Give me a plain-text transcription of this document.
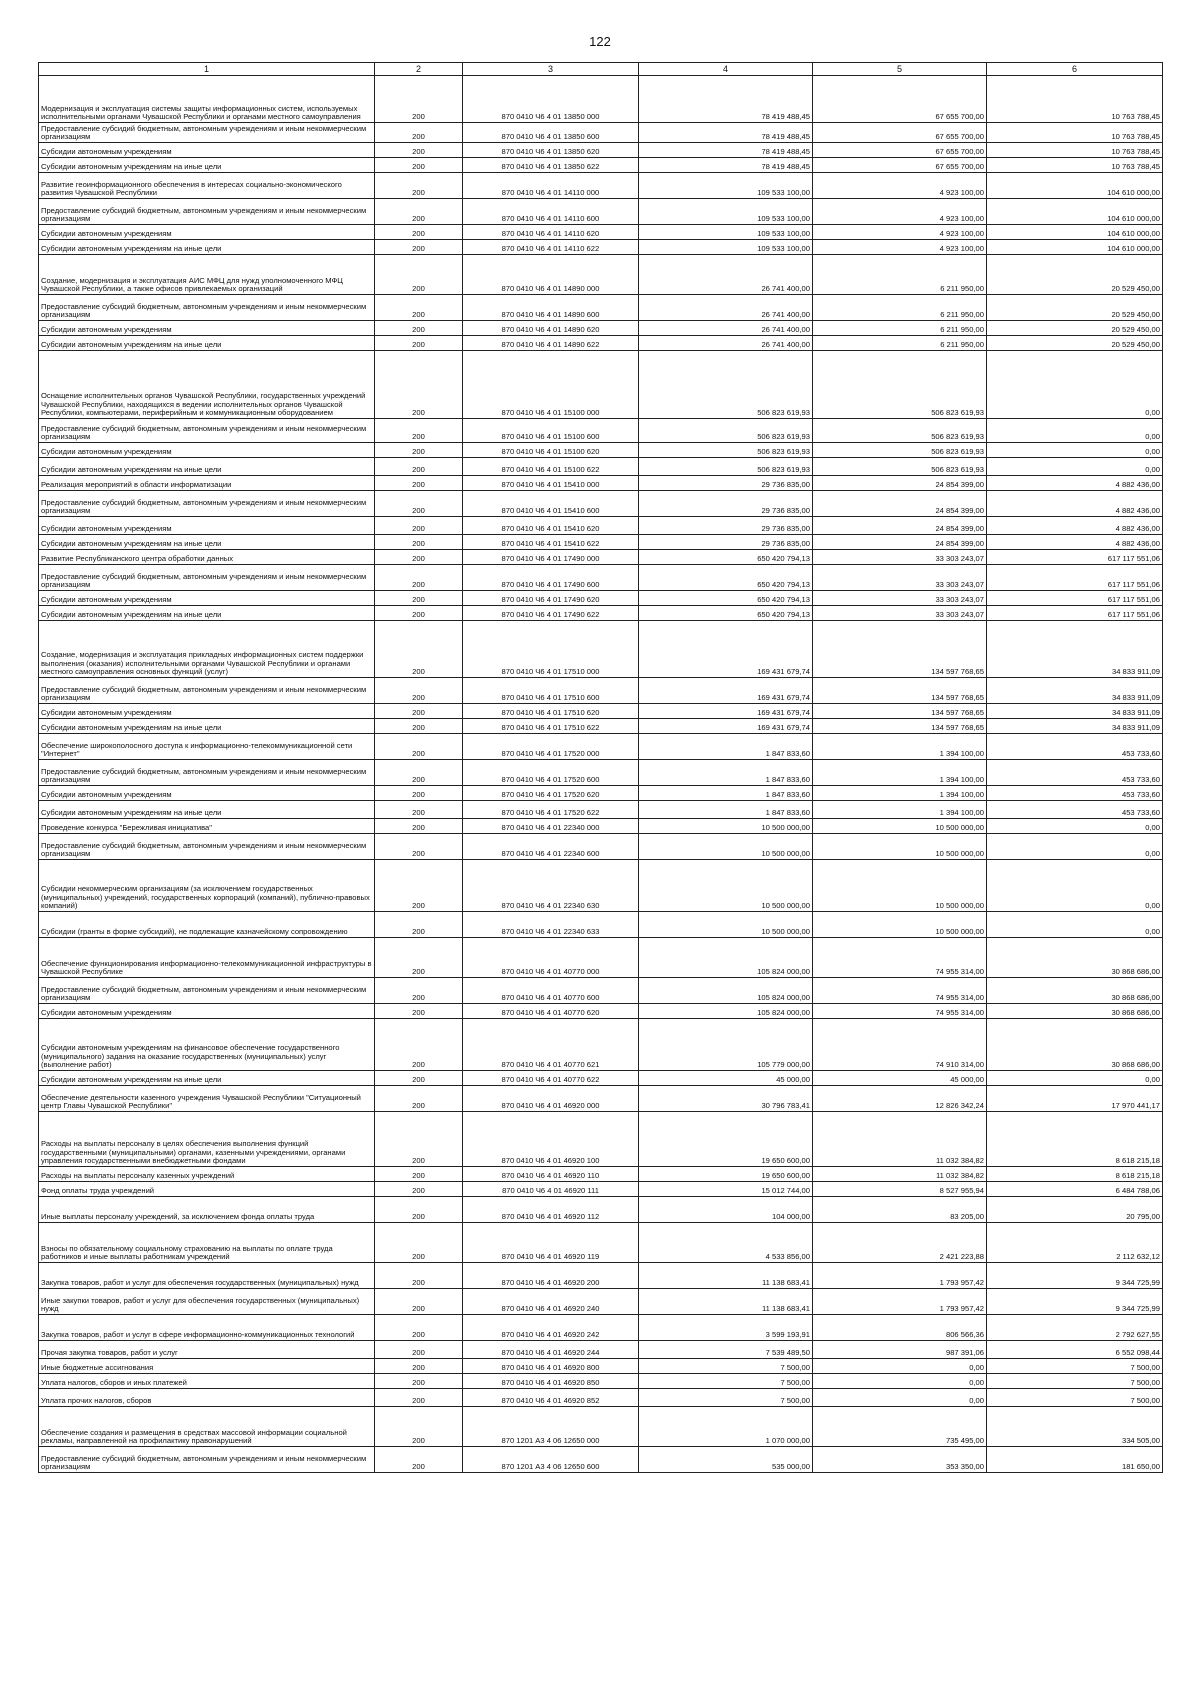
122
1	2	3	4	5	6
Модернизация и эксплуатация системы защиты информационных систем, используемых исполнительными органами Чувашской Республики и органами местного самоуправления	200	870 0410 Ч6 4 01 13850 000	78 419 488,45	67 655 700,00	10 763 788,45
Предоставление субсидий бюджетным, автономным учреждениям и иным некоммерческим организациям	200	870 0410 Ч6 4 01 13850 600	78 419 488,45	67 655 700,00	10 763 788,45
Субсидии автономным учреждениям	200	870 0410 Ч6 4 01 13850 620	78 419 488,45	67 655 700,00	10 763 788,45
Субсидии автономным учреждениям на иные цели	200	870 0410 Ч6 4 01 13850 622	78 419 488,45	67 655 700,00	10 763 788,45
Развитие геоинформационного обеспечения в интересах социально-экономического развития Чувашской Республики	200	870 0410 Ч6 4 01 14110 000	109 533 100,00	4 923 100,00	104 610 000,00
Предоставление субсидий бюджетным, автономным учреждениям и иным некоммерческим организациям	200	870 0410 Ч6 4 01 14110 600	109 533 100,00	4 923 100,00	104 610 000,00
Субсидии автономным учреждениям	200	870 0410 Ч6 4 01 14110 620	109 533 100,00	4 923 100,00	104 610 000,00
Субсидии автономным учреждениям на иные цели	200	870 0410 Ч6 4 01 14110 622	109 533 100,00	4 923 100,00	104 610 000,00
Создание, модернизация и эксплуатация АИС МФЦ для нужд уполномоченного МФЦ Чувашской Республики, а также офисов привлекаемых организаций	200	870 0410 Ч6 4 01 14890 000	26 741 400,00	6 211 950,00	20 529 450,00
Предоставление субсидий бюджетным, автономным учреждениям и иным некоммерческим организациям	200	870 0410 Ч6 4 01 14890 600	26 741 400,00	6 211 950,00	20 529 450,00
Субсидии автономным учреждениям	200	870 0410 Ч6 4 01 14890 620	26 741 400,00	6 211 950,00	20 529 450,00
Субсидии автономным учреждениям на иные цели	200	870 0410 Ч6 4 01 14890 622	26 741 400,00	6 211 950,00	20 529 450,00
Оснащение исполнительных органов Чувашской Республики, государственных учреждений Чувашской Республики, находящихся в ведении исполнительных органов Чувашской Республики, компьютерами, периферийным и коммуникационным оборудованием	200	870 0410 Ч6 4 01 15100 000	506 823 619,93	506 823 619,93	0,00
Предоставление субсидий бюджетным, автономным учреждениям и иным некоммерческим организациям	200	870 0410 Ч6 4 01 15100 600	506 823 619,93	506 823 619,93	0,00
Субсидии автономным учреждениям	200	870 0410 Ч6 4 01 15100 620	506 823 619,93	506 823 619,93	0,00
Субсидии автономным учреждениям на иные цели	200	870 0410 Ч6 4 01 15100 622	506 823 619,93	506 823 619,93	0,00
Реализация мероприятий в области информатизации	200	870 0410 Ч6 4 01 15410 000	29 736 835,00	24 854 399,00	4 882 436,00
Предоставление субсидий бюджетным, автономным учреждениям и иным некоммерческим организациям	200	870 0410 Ч6 4 01 15410 600	29 736 835,00	24 854 399,00	4 882 436,00
Субсидии автономным учреждениям	200	870 0410 Ч6 4 01 15410 620	29 736 835,00	24 854 399,00	4 882 436,00
Субсидии автономным учреждениям на иные цели	200	870 0410 Ч6 4 01 15410 622	29 736 835,00	24 854 399,00	4 882 436,00
Развитие Республиканского центра обработки данных	200	870 0410 Ч6 4 01 17490 000	650 420 794,13	33 303 243,07	617 117 551,06
Предоставление субсидий бюджетным, автономным учреждениям и иным некоммерческим организациям	200	870 0410 Ч6 4 01 17490 600	650 420 794,13	33 303 243,07	617 117 551,06
Субсидии автономным учреждениям	200	870 0410 Ч6 4 01 17490 620	650 420 794,13	33 303 243,07	617 117 551,06
Субсидии автономным учреждениям на иные цели	200	870 0410 Ч6 4 01 17490 622	650 420 794,13	33 303 243,07	617 117 551,06
Создание, модернизация и эксплуатация прикладных информационных систем поддержки выполнения (оказания) исполнительными органами Чувашской Республики и органами местного самоуправления основных функций (услуг)	200	870 0410 Ч6 4 01 17510 000	169 431 679,74	134 597 768,65	34 833 911,09
Предоставление субсидий бюджетным, автономным учреждениям и иным некоммерческим организациям	200	870 0410 Ч6 4 01 17510 600	169 431 679,74	134 597 768,65	34 833 911,09
Субсидии автономным учреждениям	200	870 0410 Ч6 4 01 17510 620	169 431 679,74	134 597 768,65	34 833 911,09
Субсидии автономным учреждениям на иные цели	200	870 0410 Ч6 4 01 17510 622	169 431 679,74	134 597 768,65	34 833 911,09
Обеспечение широкополосного доступа к информационно-телекоммуникационной сети "Интернет"	200	870 0410 Ч6 4 01 17520 000	1 847 833,60	1 394 100,00	453 733,60
Предоставление субсидий бюджетным, автономным учреждениям и иным некоммерческим организациям	200	870 0410 Ч6 4 01 17520 600	1 847 833,60	1 394 100,00	453 733,60
Субсидии автономным учреждениям	200	870 0410 Ч6 4 01 17520 620	1 847 833,60	1 394 100,00	453 733,60
Субсидии автономным учреждениям на иные цели	200	870 0410 Ч6 4 01 17520 622	1 847 833,60	1 394 100,00	453 733,60
Проведение конкурса "Бережливая инициатива"	200	870 0410 Ч6 4 01 22340 000	10 500 000,00	10 500 000,00	0,00
Предоставление субсидий бюджетным, автономным учреждениям и иным некоммерческим организациям	200	870 0410 Ч6 4 01 22340 600	10 500 000,00	10 500 000,00	0,00
Субсидии некоммерческим организациям (за исключением государственных (муниципальных) учреждений, государственных корпораций (компаний), публично-правовых компаний)	200	870 0410 Ч6 4 01 22340 630	10 500 000,00	10 500 000,00	0,00
Субсидии (гранты в форме субсидий), не подлежащие казначейскому сопровождению	200	870 0410 Ч6 4 01 22340 633	10 500 000,00	10 500 000,00	0,00
Обеспечение функционирования информационно-телекоммуникационной инфраструктуры в Чувашской Республике	200	870 0410 Ч6 4 01 40770 000	105 824 000,00	74 955 314,00	30 868 686,00
Предоставление субсидий бюджетным, автономным учреждениям и иным некоммерческим организациям	200	870 0410 Ч6 4 01 40770 600	105 824 000,00	74 955 314,00	30 868 686,00
Субсидии автономным учреждениям	200	870 0410 Ч6 4 01 40770 620	105 824 000,00	74 955 314,00	30 868 686,00
Субсидии автономным учреждениям на финансовое обеспечение государственного (муниципального) задания на оказание государственных (муниципальных) услуг (выполнение работ)	200	870 0410 Ч6 4 01 40770 621	105 779 000,00	74 910 314,00	30 868 686,00
Субсидии автономным учреждениям на иные цели	200	870 0410 Ч6 4 01 40770 622	45 000,00	45 000,00	0,00
Обеспечение деятельности казенного учреждения Чувашской Республики "Ситуационный центр Главы Чувашской Республики"	200	870 0410 Ч6 4 01 46920 000	30 796 783,41	12 826 342,24	17 970 441,17
Расходы на выплаты персоналу в целях обеспечения выполнения функций государственными (муниципальными) органами, казенными учреждениями, органами управления государственными внебюджетными фондами	200	870 0410 Ч6 4 01 46920 100	19 650 600,00	11 032 384,82	8 618 215,18
Расходы на выплаты персоналу казенных учреждений	200	870 0410 Ч6 4 01 46920 110	19 650 600,00	11 032 384,82	8 618 215,18
Фонд оплаты труда учреждений	200	870 0410 Ч6 4 01 46920 111	15 012 744,00	8 527 955,94	6 484 788,06
Иные выплаты персоналу учреждений, за исключением фонда оплаты труда	200	870 0410 Ч6 4 01 46920 112	104 000,00	83 205,00	20 795,00
Взносы по обязательному социальному страхованию на выплаты по оплате труда работников и иные выплаты работникам учреждений	200	870 0410 Ч6 4 01 46920 119	4 533 856,00	2 421 223,88	2 112 632,12
Закупка товаров, работ и услуг для обеспечения государственных (муниципальных) нужд	200	870 0410 Ч6 4 01 46920 200	11 138 683,41	1 793 957,42	9 344 725,99
Иные закупки товаров, работ и услуг для обеспечения государственных (муниципальных) нужд	200	870 0410 Ч6 4 01 46920 240	11 138 683,41	1 793 957,42	9 344 725,99
Закупка товаров, работ и услуг в сфере информационно-коммуникационных технологий	200	870 0410 Ч6 4 01 46920 242	3 599 193,91	806 566,36	2 792 627,55
Прочая закупка товаров, работ и услуг	200	870 0410 Ч6 4 01 46920 244	7 539 489,50	987 391,06	6 552 098,44
Иные бюджетные ассигнования	200	870 0410 Ч6 4 01 46920 800	7 500,00	0,00	7 500,00
Уплата налогов, сборов и иных платежей	200	870 0410 Ч6 4 01 46920 850	7 500,00	0,00	7 500,00
Уплата прочих налогов, сборов	200	870 0410 Ч6 4 01 46920 852	7 500,00	0,00	7 500,00
Обеспечение создания и размещения в средствах массовой информации социальной рекламы, направленной на профилактику правонарушений	200	870 1201 А3 4 06 12650 000	1 070 000,00	735 495,00	334 505,00
Предоставление субсидий бюджетным, автономным учреждениям и иным некоммерческим организациям	200	870 1201 А3 4 06 12650 600	535 000,00	353 350,00	181 650,00
